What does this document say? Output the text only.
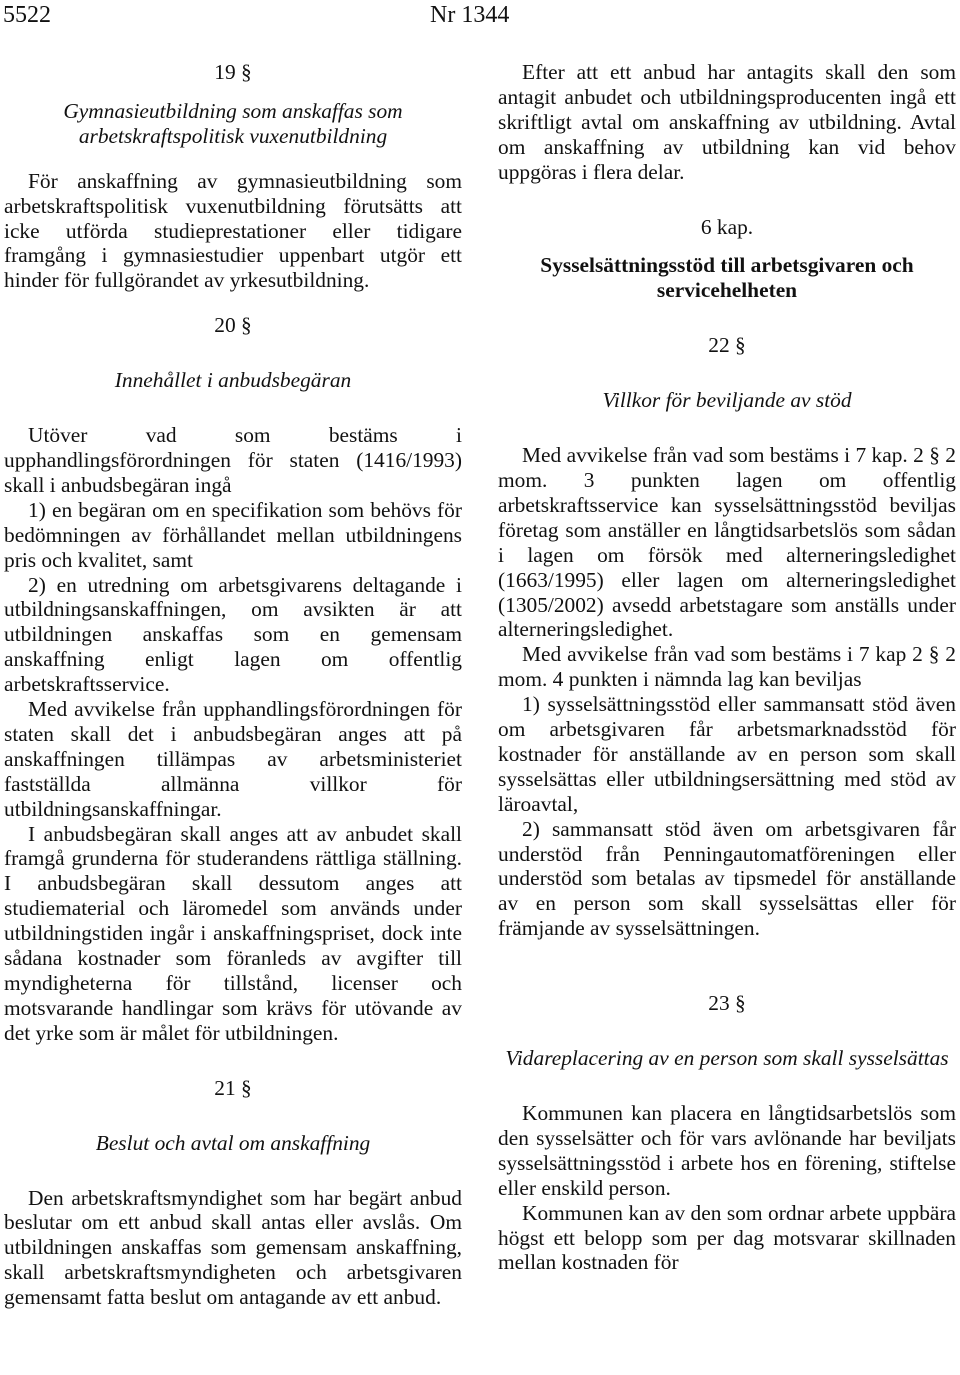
5522	Nr 1344
19 §
Gymnasieutbildning som anskaffas som arbetskraftspolitisk vuxenutbildning

För anskaffning av gymnasieutbildning som arbetskraftspolitisk vuxenutbildning förutsätts att icke utförda studieprestationer eller tidigare framgång i gymnasiestudier uppenbart utgör ett hinder för fullgörandet av yrkesutbildning.

20 §
Innehållet i anbudsbegäran

Utöver vad som bestäms i upphandlingsförordningen för staten (1416/1993) skall i anbudsbegäran ingå

1) en begäran om en specifikation som behövs för bedömningen av förhållandet mellan utbildningens pris och kvalitet, samt

2) en utredning om arbetsgivarens deltagande i utbildningsanskaffningen, om avsikten är att utbildningen anskaffas som en gemensam anskaffning enligt lagen om offentlig arbetskraftsservice.

Med avvikelse från upphandlingsförordningen för staten skall det i anbudsbegäran anges att på anskaffningen tillämpas av arbetsministeriet fastställda allmänna villkor för utbildningsanskaffningar.

I anbudsbegäran skall anges att av anbudet skall framgå grunderna för studerandens rättliga ställning. I anbudsbegäran skall dessutom anges att studiematerial och läromedel som används under utbildningstiden ingår i anskaffningspriset, dock inte sådana kostnader som föranleds av avgifter till myndigheterna för tillstånd, licenser och motsvarande handlingar som krävs för utövande av det yrke som är målet för utbildningen.

21 §
Beslut och avtal om anskaffning

Den arbetskraftsmyndighet som har begärt anbud beslutar om ett anbud skall antas eller avslås. Om utbildningen anskaffas som gemensam anskaffning, skall arbetskraftsmyndigheten och arbetsgivaren gemensamt fatta beslut om antagande av ett anbud.

Efter att ett anbud har antagits skall den som antagit anbudet och utbildningsproducenten ingå ett skriftligt avtal om anskaffning av utbildning. Avtal om anskaffning av utbildning kan vid behov uppgöras i flera delar.

6 kap.
Sysselsättningsstöd till arbetsgivaren och servicehelheten
22 §
Villkor för beviljande av stöd

Med avvikelse från vad som bestäms i 7 kap. 2 § 2 mom. 3 punkten lagen om offentlig arbetskraftsservice kan sysselsättningsstöd beviljas företag som anställer en långtidsarbetslös som sådan i lagen om försök med alterneringsledighet (1663/1995) eller lagen om alterneringsledighet (1305/2002) avsedd arbetstagare som anställs under alterneringsledighet.

Med avvikelse från vad som bestäms i 7 kap 2 § 2 mom. 4 punkten i nämnda lag kan beviljas

1) sysselsättningsstöd eller sammansatt stöd även om arbetsgivaren får arbetsmarknadsstöd för kostnader för anställande av en person som skall sysselsättas eller utbildningsersättning med stöd av läroavtal,

2) sammansatt stöd även om arbetsgivaren får understöd från Penningautomatföreningen eller understöd som betalas av tipsmedel för anställande av en person som skall sysselsättas eller för främjande av sysselsättningen.

23 §
Vidareplacering av en person som skall sysselsättas

Kommunen kan placera en långtidsarbetslös som den sysselsätter och för vars avlönande har beviljats sysselsättningsstöd i arbete hos en förening, stiftelse eller enskild person.

Kommunen kan av den som ordnar arbete uppbära högst ett belopp som per dag motsvarar skillnaden mellan kostnaden för
